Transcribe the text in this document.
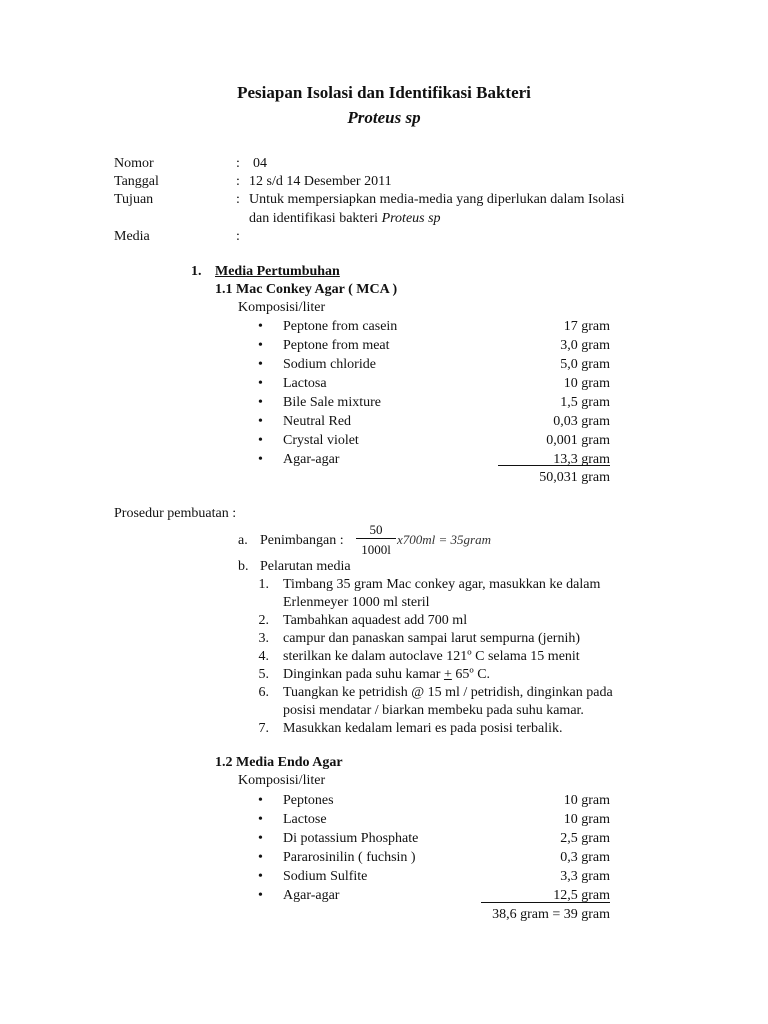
Pesiapan Isolasi dan Identifikasi Bakteri
Proteus sp
Nomor	: 04
Tanggal	: 12 s/d 14 Desember 2011
Tujuan	: Untuk mempersiapkan media-media yang diperlukan dalam Isolasi
dan identifikasi bakteri Proteus sp
Media	:
1. Media Pertumbuhan
1.1 Mac Conkey Agar ( MCA )
Komposisi/liter
• Peptone from casein	17 gram
• Peptone from meat	3,0 gram
• Sodium chloride	5,0 gram
• Lactosa	10 gram
• Bile Sale mixture	1,5 gram
• Neutral Red	0,03 gram
• Crystal violet	0,001 gram
• Agar-agar	13,3 gram
50,031 gram
Prosedur pembuatan :
a. Penimbangan :
50
1000l
x700ml = 35gram
b. Pelarutan media
1. Timbang 35 gram Mac conkey agar, masukkan ke dalam
Erlenmeyer 1000 ml steril
2. Tambahkan aquadest add 700 ml
3. campur dan panaskan sampai larut sempurna (jernih)
4. sterilkan ke dalam autoclave 121º C selama 15 menit
5. Dinginkan pada suhu kamar + 65º C.
6. Tuangkan ke petridish @ 15 ml / petridish, dinginkan pada
posisi mendatar / biarkan membeku pada suhu kamar.
7. Masukkan kedalam lemari es pada posisi terbalik.
1.2 Media Endo Agar
Komposisi/liter
• Peptones	10 gram
• Lactose	10 gram
• Di potassium Phosphate	2,5 gram
• Pararosinilin ( fuchsin )	0,3 gram
• Sodium Sulfite	3,3 gram
• Agar-agar	12,5 gram
38,6 gram = 39 gram
